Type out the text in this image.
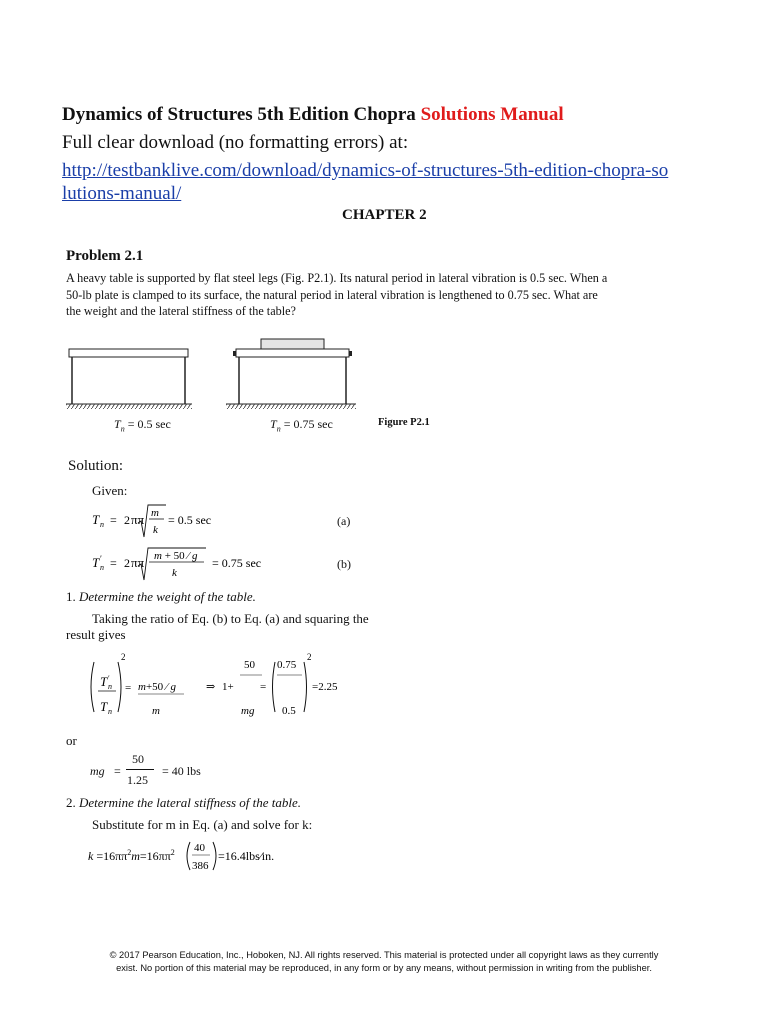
Dynamics of Structures 5th Edition Chopra Solutions Manual
Full clear download (no formatting errors) at:
http://testbanklive.com/download/dynamics-of-structures-5th-edition-chopra-solutions-manual/
CHAPTER 2
Problem 2.1
A heavy table is supported by flat steel legs (Fig. P2.1). Its natural period in lateral vibration is 0.5 sec. When a 50-lb plate is clamped to its surface, the natural period in lateral vibration is lengthened to 0.75 sec. What are the weight and the lateral stiffness of the table?
$T_n = 0.5$ sec	$T_n = 0.75$ sec	Figure P2.1
Solution:
Given:
T n = 2 ππ m
k
= 0.5 sec	(a)
T ′
n = 2 ππ m + 50 ⁄ g
k
= 0.75 sec	(b)
1. Determine the weight of the table.
Taking the ratio of Eq. (b) to Eq. (a) and squaring the
result gives
T ′
n
T n
2
= m+50 ⁄ g
m
⇒ 1+
50
mg
=
0.75
0.5
2
=2.25
or
mg =
50
1.25
= 40 lbs
2. Determine the lateral stiffness of the table.
Substitute for m in Eq. (a) and solve for k:
$k =16\pi\pi^2m=16\pi\pi^2$ 40
386
=16.4lbs⁄in.
© 2017 Pearson Education, Inc., Hoboken, NJ. All rights reserved. This material is protected under all copyright laws as they currently
exist. No portion of this material may be reproduced, in any form or by any means, without permission in writing from the publisher.
